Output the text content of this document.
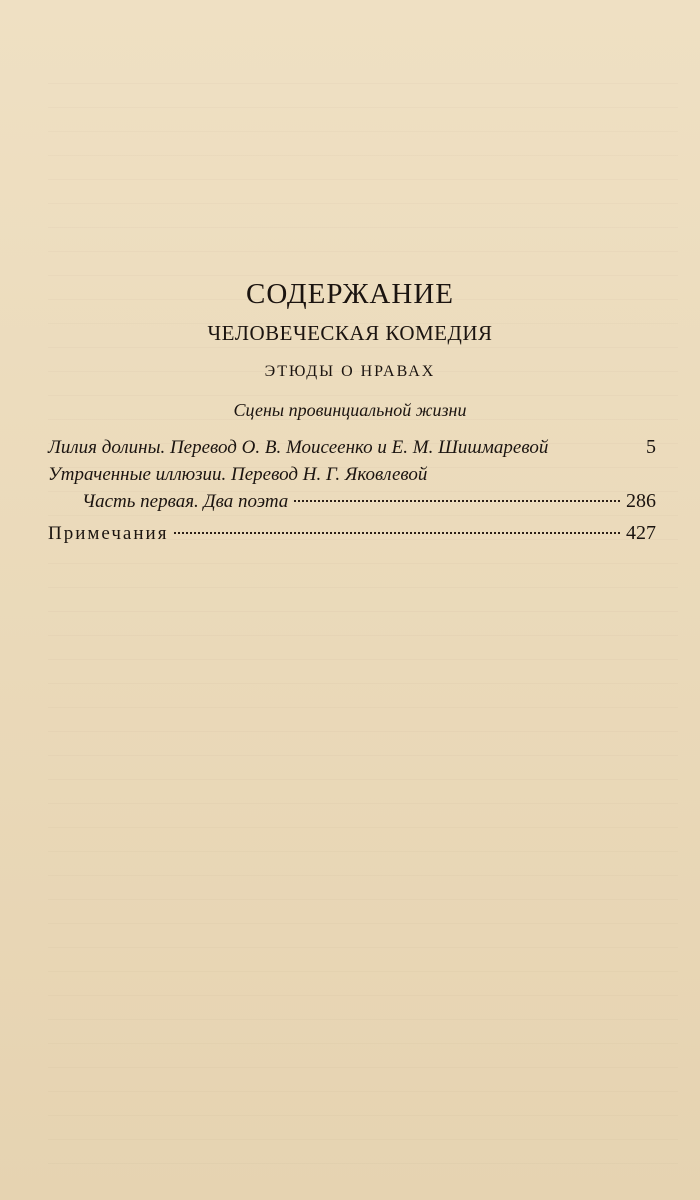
СОДЕРЖАНИЕ
ЧЕЛОВЕЧЕСКАЯ КОМЕДИЯ
ЭТЮДЫ О НРАВАХ
Сцены провинциальной жизни
Лилия долины. Перевод О. В. Моисеенко и Е. М. Шишмаревой	5
Утраченные иллюзии. Перевод Н. Г. Яковлевой
Часть первая. Два поэта	286
Примечания	427
